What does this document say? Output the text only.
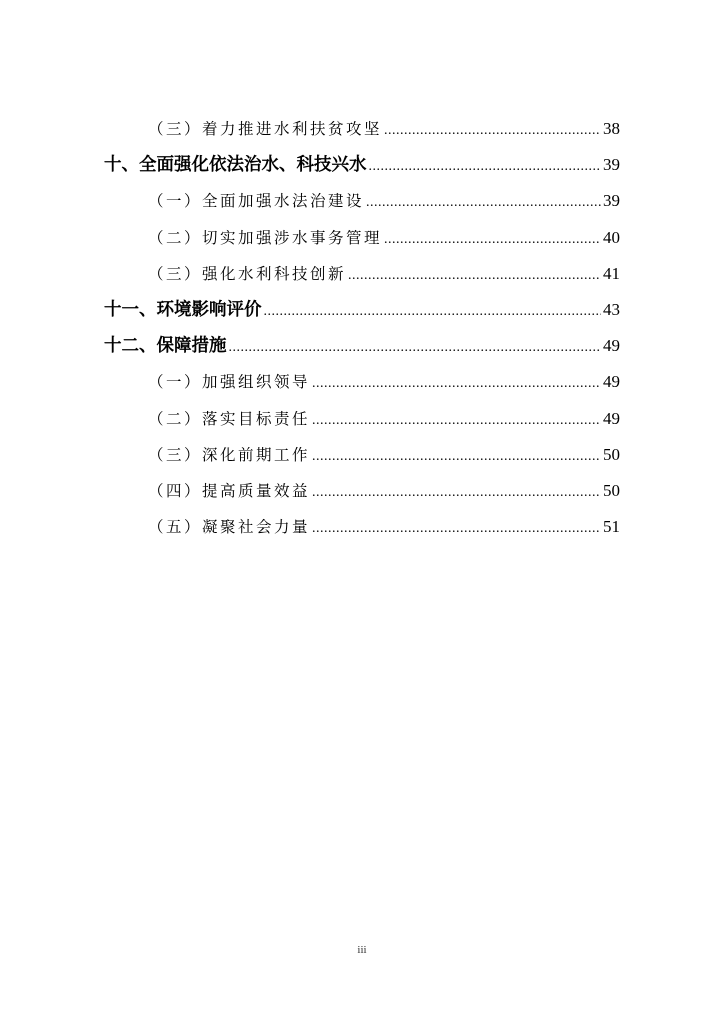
（三）着力推进水利扶贫攻坚 .....	38
十、全面强化依法治水、科技兴水 .....	39
（一）全面加强水法治建设 .....	39
（二）切实加强涉水事务管理 .....	40
（三）强化水利科技创新 .....	41
十一、环境影响评价 .....	43
十二、保障措施 .....	49
（一）加强组织领导 .....	49
（二）落实目标责任 .....	49
（三）深化前期工作 .....	50
（四）提高质量效益 .....	50
（五）凝聚社会力量 .....	51
iii
